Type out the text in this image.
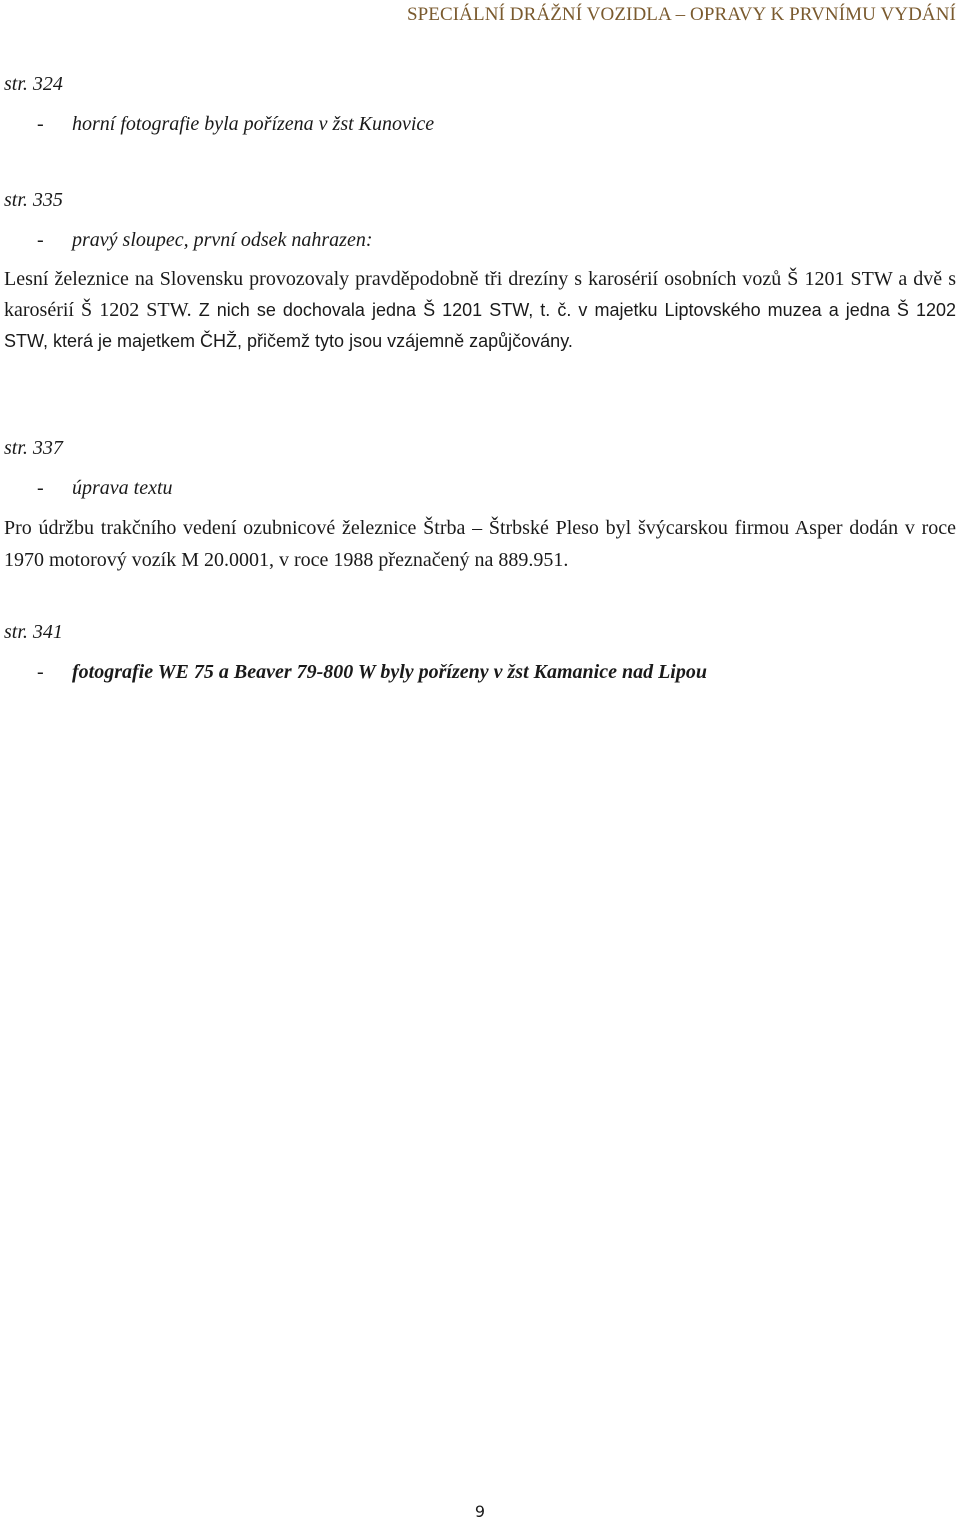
SPECIÁLNÍ DRÁŽNÍ VOZIDLA – OPRAVY K PRVNÍMU VYDÁNÍ

str. 324

-	horní fotografie byla pořízena v žst Kunovice

str. 335

-	pravý sloupec, první odsek nahrazen:
Lesní železnice na Slovensku provozovaly pravděpodobně tři drezíny s karosérií osobních vozů Š 1201 STW a dvě s karosérií Š 1202 STW. Z nich se dochovala jedna Š 1201 STW, t. č. v majetku Liptovského muzea a jedna Š 1202 STW, která je majetkem ČHŽ, přičemž tyto jsou vzájemně zapůjčovány.

str. 337

-	úprava textu
Pro údržbu trakčního vedení ozubnicové železnice Štrba – Štrbské Pleso byl švýcarskou firmou Asper dodán v roce 1970 motorový vozík M 20.0001, v roce 1988 přeznačený na 889.951.

str. 341

-	fotografie WE 75 a Beaver 79-800 W byly pořízeny v žst Kamanice nad Lipou
9
